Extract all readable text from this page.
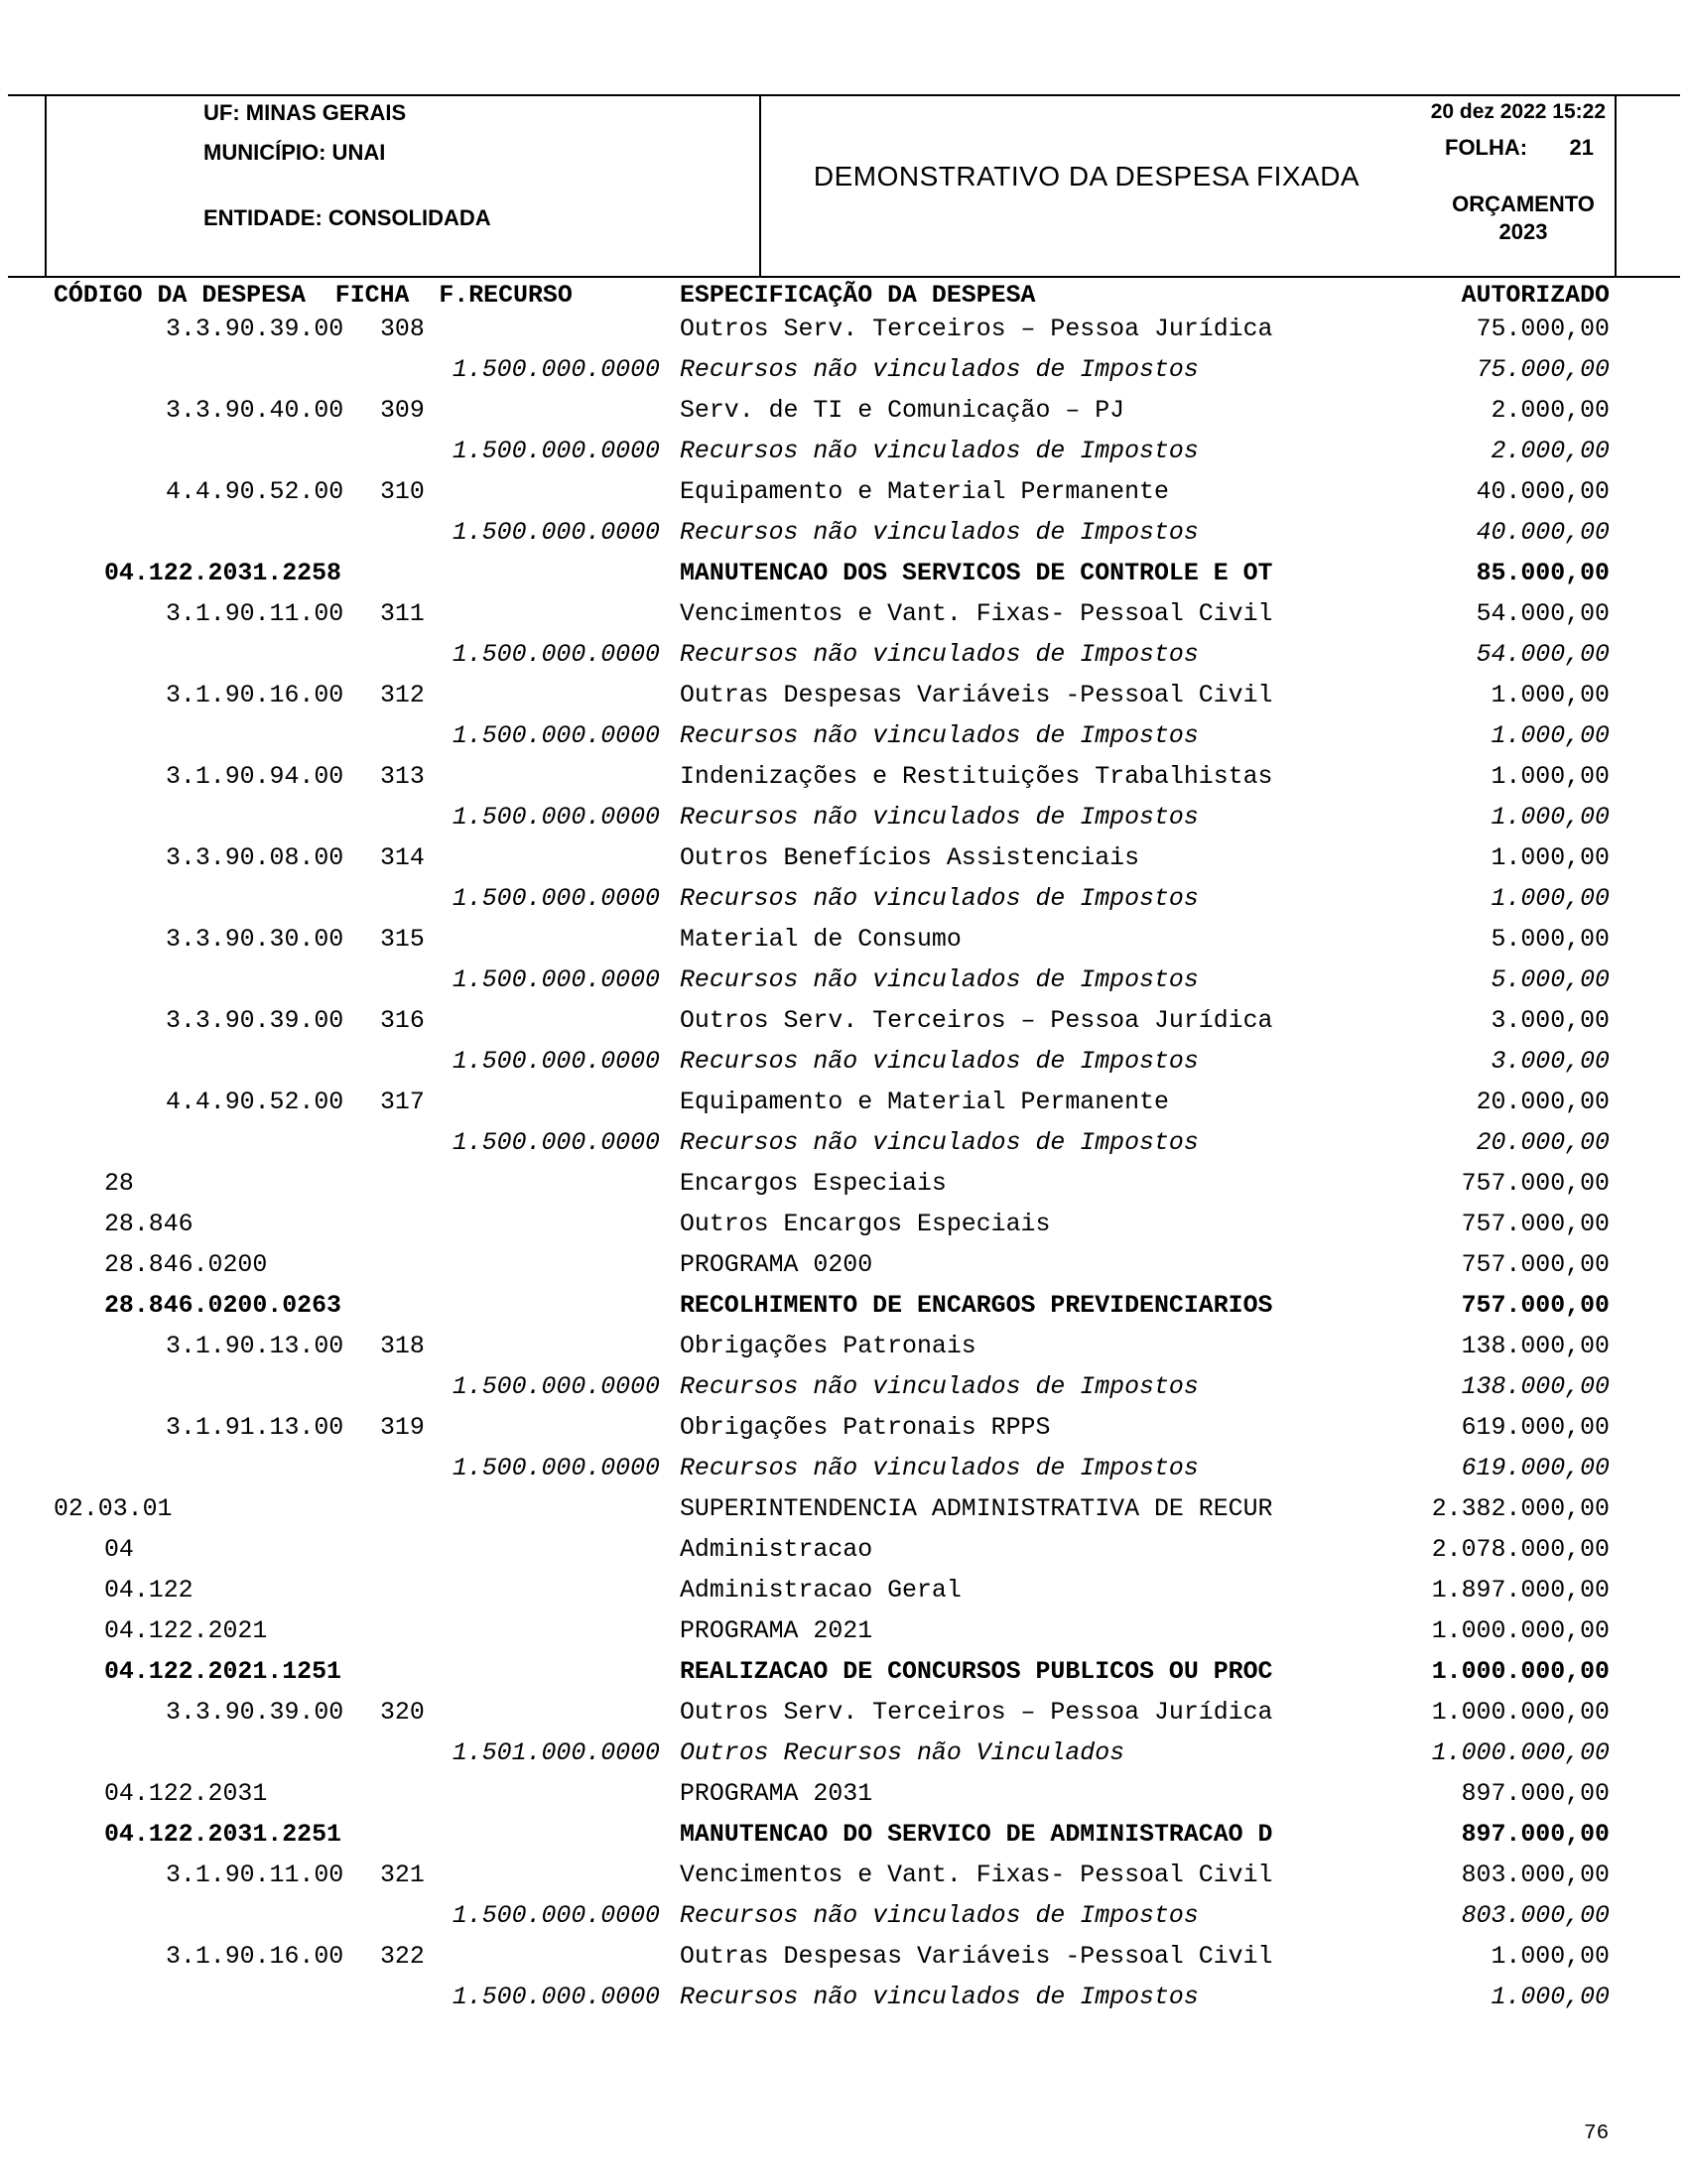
UF: MINAS GERAIS
MUNICÍPIO: UNAI
ENTIDADE: CONSOLIDADA
DEMONSTRATIVO DA DESPESA FIXADA
20 dez 2022 15:22
FOLHA: 21
ORÇAMENTO
2023
CÓDIGO DA DESPESA  FICHA  F.RECURSO	ESPECIFICAÇÃO DA DESPESA	AUTORIZADO
3.3.90.39.00 308	Outros Serv. Terceiros – Pessoa Jurídica	75.000,00
1.500.000.0000 Recursos não vinculados de Impostos	75.000,00
3.3.90.40.00 309	Serv. de TI e Comunicação – PJ	2.000,00
1.500.000.0000 Recursos não vinculados de Impostos	2.000,00
4.4.90.52.00 310	Equipamento e Material Permanente	40.000,00
1.500.000.0000 Recursos não vinculados de Impostos	40.000,00
04.122.2031.2258	MANUTENCAO DOS SERVICOS DE CONTROLE E OT	85.000,00
3.1.90.11.00 311	Vencimentos e Vant. Fixas- Pessoal Civil	54.000,00
1.500.000.0000 Recursos não vinculados de Impostos	54.000,00
3.1.90.16.00 312	Outras Despesas Variáveis -Pessoal Civil	1.000,00
1.500.000.0000 Recursos não vinculados de Impostos	1.000,00
3.1.90.94.00 313	Indenizações e Restituições Trabalhistas	1.000,00
1.500.000.0000 Recursos não vinculados de Impostos	1.000,00
3.3.90.08.00 314	Outros Benefícios Assistenciais	1.000,00
1.500.000.0000 Recursos não vinculados de Impostos	1.000,00
3.3.90.30.00 315	Material de Consumo	5.000,00
1.500.000.0000 Recursos não vinculados de Impostos	5.000,00
3.3.90.39.00 316	Outros Serv. Terceiros – Pessoa Jurídica	3.000,00
1.500.000.0000 Recursos não vinculados de Impostos	3.000,00
4.4.90.52.00 317	Equipamento e Material Permanente	20.000,00
1.500.000.0000 Recursos não vinculados de Impostos	20.000,00
28	Encargos Especiais	757.000,00
28.846	Outros Encargos Especiais	757.000,00
28.846.0200	PROGRAMA 0200	757.000,00
28.846.0200.0263	RECOLHIMENTO DE ENCARGOS PREVIDENCIARIOS	757.000,00
3.1.90.13.00 318	Obrigações Patronais	138.000,00
1.500.000.0000 Recursos não vinculados de Impostos	138.000,00
3.1.91.13.00 319	Obrigações Patronais RPPS	619.000,00
1.500.000.0000 Recursos não vinculados de Impostos	619.000,00
02.03.01	SUPERINTENDENCIA ADMINISTRATIVA DE RECUR	2.382.000,00
04	Administracao	2.078.000,00
04.122	Administracao Geral	1.897.000,00
04.122.2021	PROGRAMA 2021	1.000.000,00
04.122.2021.1251	REALIZACAO DE CONCURSOS PUBLICOS OU PROC	1.000.000,00
3.3.90.39.00 320	Outros Serv. Terceiros – Pessoa Jurídica	1.000.000,00
1.501.000.0000 Outros Recursos não Vinculados	1.000.000,00
04.122.2031	PROGRAMA 2031	897.000,00
04.122.2031.2251	MANUTENCAO DO SERVICO DE ADMINISTRACAO D	897.000,00
3.1.90.11.00 321	Vencimentos e Vant. Fixas- Pessoal Civil	803.000,00
1.500.000.0000 Recursos não vinculados de Impostos	803.000,00
3.1.90.16.00 322	Outras Despesas Variáveis -Pessoal Civil	1.000,00
1.500.000.0000 Recursos não vinculados de Impostos	1.000,00
76
